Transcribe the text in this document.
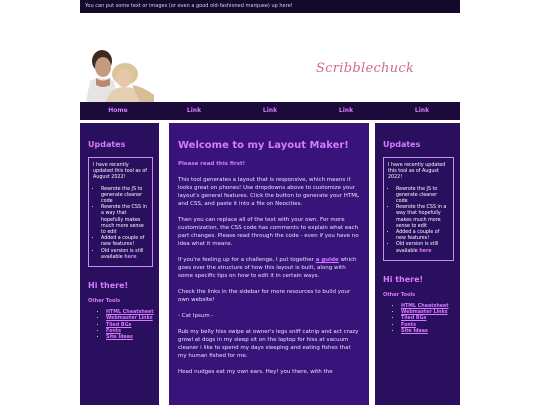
You can put some text or images (or even a good old-fashioned marquee) up here!
Scribblechuck
Home	Link	Link	Link	Link
Updates
I have recently updated this tool as of August 2022!
• Rewrote the JS to generate cleaner code
• Rewrote the CSS in a way that hopefully makes much more sense to edit
• Added a couple of new features!
• Old version is still available here
Hi there!
Other Tools
• HTML Cheatsheet
• Webmaster Links
• Tiled BGs
• Fonts
• Site Ideas
Welcome to my Layout Maker!

Please read this first!

This tool generates a layout that is responsive, which means it looks great on phones! Use dropdowns above to customize your layout's general features. Click the button to generate your HTML and CSS, and paste it into a file on Neocities.

Then you can replace all of the text with your own. For more customization, the CSS code has comments to explain what each part changes. Please read through the code - even if you have no idea what it means.

If you're feeling up for a challenge, I put together a guide which goes over the structure of how this layout is built, along with some specific tips on how to edit it in certain ways.

Check the links in the sidebar for more resources to build your own website!

- Cat Ipsum -

Rub my belly hiss swipe at owner's legs sniff catnip and act crazy growl at dogs in my sleep sit on the laptop for hiss at vacuum cleaner i like to spend my days sleeping and eating fishes that my human fished for me.

Head nudges eat my own ears. Hey! you there, with the

Updates
I have recently updated this tool as of August 2022!
• Rewrote the JS to generate cleaner code
• Rewrote the CSS in a way that hopefully makes much more sense to edit
• Added a couple of new features!
• Old version is still available here
Hi there!
Other Tools
• HTML Cheatsheet
• Webmaster Links
• Tiled BGs
• Fonts
• Site Ideas
